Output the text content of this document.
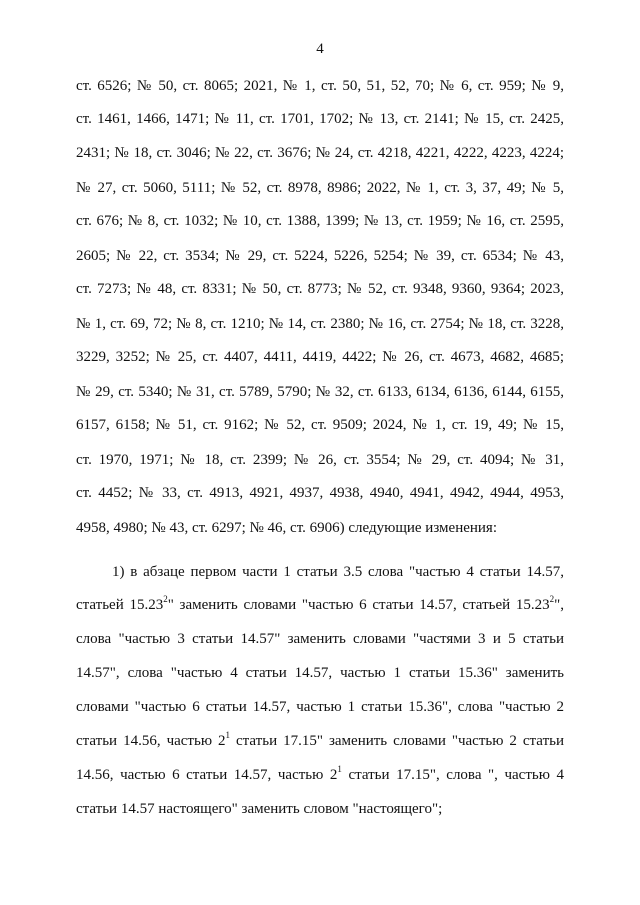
4
ст. 6526; № 50, ст. 8065; 2021, № 1, ст. 50, 51, 52, 70; № 6, ст. 959; № 9,
ст. 1461, 1466, 1471; № 11, ст. 1701, 1702; № 13, ст. 2141; № 15, ст. 2425,
2431; № 18, ст. 3046; № 22, ст. 3676; № 24, ст. 4218, 4221, 4222, 4223, 4224;
№ 27, ст. 5060, 5111; № 52, ст. 8978, 8986; 2022, № 1, ст. 3, 37, 49; № 5,
ст. 676; № 8, ст. 1032; № 10, ст. 1388, 1399; № 13, ст. 1959; № 16, ст. 2595,
2605; № 22, ст. 3534; № 29, ст. 5224, 5226, 5254; № 39, ст. 6534; № 43,
ст. 7273; № 48, ст. 8331; № 50, ст. 8773; № 52, ст. 9348, 9360, 9364; 2023,
№ 1, ст. 69, 72; № 8, ст. 1210; № 14, ст. 2380; № 16, ст. 2754; № 18, ст. 3228,
3229, 3252; № 25, ст. 4407, 4411, 4419, 4422; № 26, ст. 4673, 4682, 4685;
№ 29, ст. 5340; № 31, ст. 5789, 5790; № 32, ст. 6133, 6134, 6136, 6144, 6155,
6157, 6158; № 51, ст. 9162; № 52, ст. 9509; 2024, № 1, ст. 19, 49; № 15,
ст. 1970, 1971; № 18, ст. 2399; № 26, ст. 3554; № 29, ст. 4094; № 31,
ст. 4452; № 33, ст. 4913, 4921, 4937, 4938, 4940, 4941, 4942, 4944, 4953,
4958, 4980; № 43, ст. 6297; № 46, ст. 6906) следующие изменения:
1) в абзаце первом части 1 статьи 3.5 слова "частью 4 статьи 14.57,
статьей 15.23$^2$" заменить словами "частью 6 статьи 14.57, статьей 15.23$^2$",
слова "частью 3 статьи 14.57" заменить словами "частями 3 и 5 статьи
14.57", слова "частью 4 статьи 14.57, частью 1 статьи 15.36" заменить
словами "частью 6 статьи 14.57, частью 1 статьи 15.36", слова "частью 2
статьи 14.56, частью $2^1$ статьи 17.15" заменить словами "частью 2 статьи
14.56, частью 6 статьи 14.57, частью $2^1$ статьи 17.15", слова ", частью 4
статьи 14.57 настоящего" заменить словом "настоящего";
